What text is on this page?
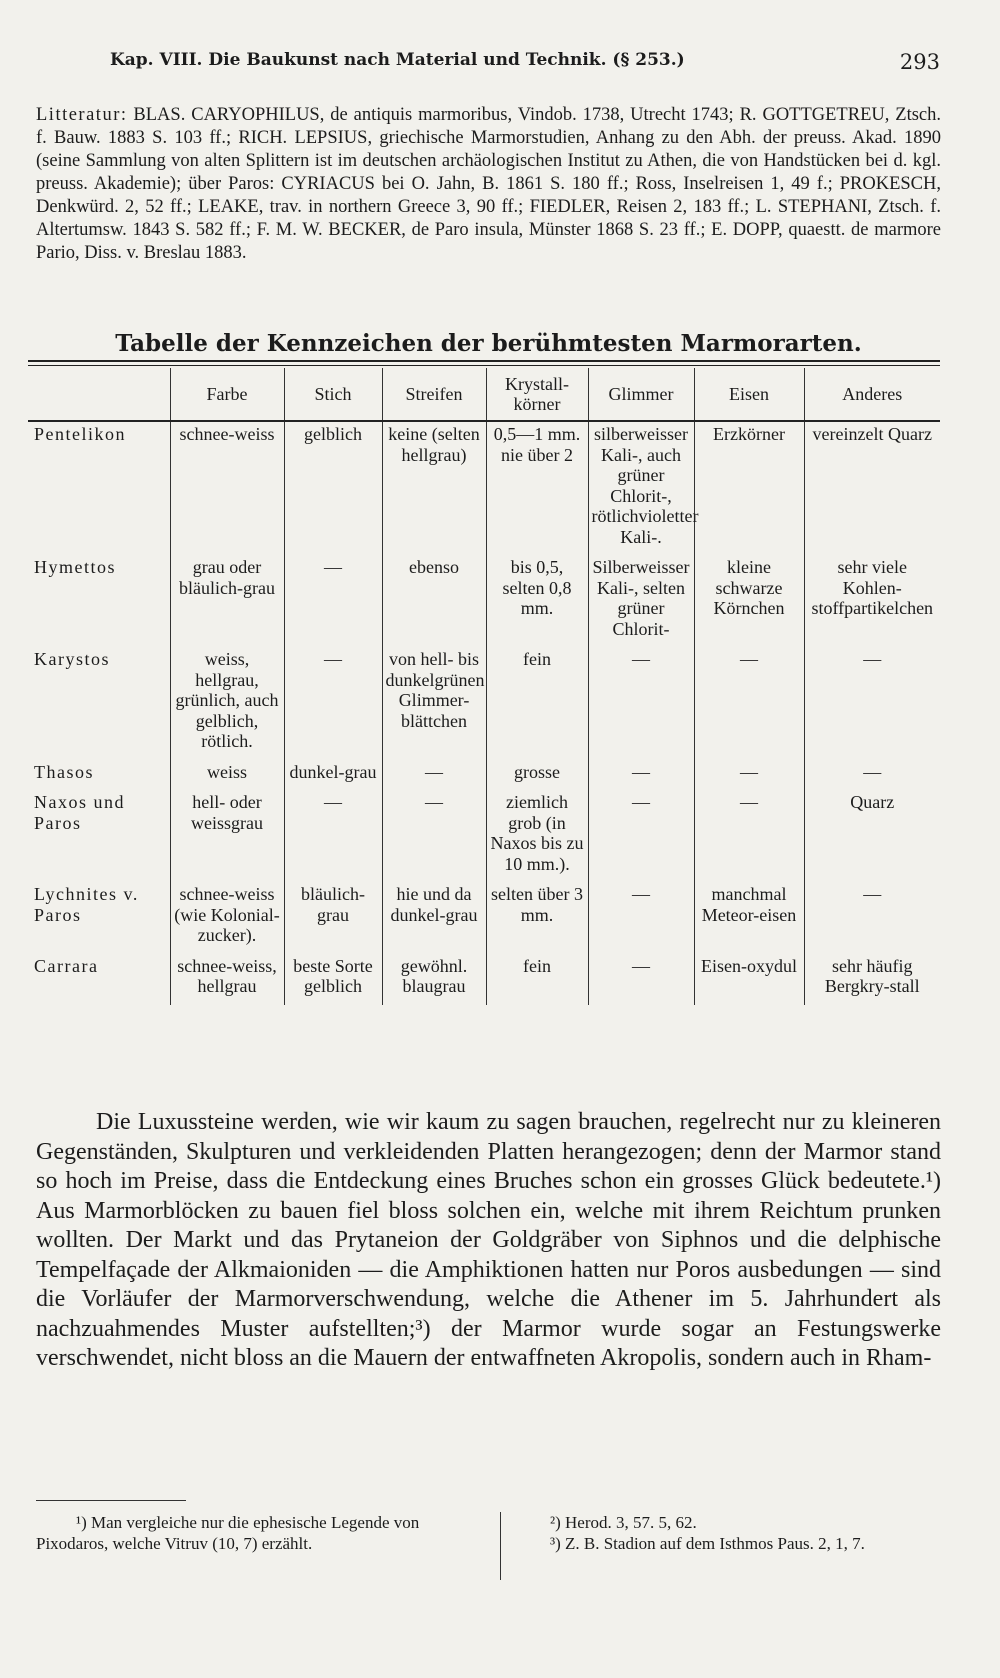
Kap. VIII. Die Baukunst nach Material und Technik. (§ 253.)	293
Litteratur: BLAS. CARYOPHILUS, de antiquis marmoribus, Vindob. 1738, Utrecht 1743; R. GOTTGETREU, Ztsch. f. Bauw. 1883 S. 103 ff.; RICH. LEPSIUS, griechische Marmorstudien, Anhang zu den Abh. der preuss. Akad. 1890 (seine Sammlung von alten Splittern ist im deutschen archäologischen Institut zu Athen, die von Handstücken bei d. kgl. preuss. Akademie); über Paros: CYRIACUS bei O. Jahn, B. 1861 S. 180 ff.; Ross, Inselreisen 1, 49 f.; PROKESCH, Denkwürd. 2, 52 ff.; LEAKE, trav. in northern Greece 3, 90 ff.; FIEDLER, Reisen 2, 183 ff.; L. STEPHANI, Ztsch. f. Altertumsw. 1843 S. 582 ff.; F. M. W. BECKER, de Paro insula, Münster 1868 S. 23 ff.; E. DOPP, quaestt. de marmore Pario, Diss. v. Breslau 1883.
Tabelle der Kennzeichen der berühmtesten Marmorarten.
	Farbe	Stich	Streifen	Krystall-körner	Glimmer	Eisen	Anderes
Pentelikon	schnee-weiss	gelblich	keine (selten hellgrau)	0,5—1 mm. nie über 2	silberweisser Kali-, auch grüner Chlorit-, rötlichvioletter Kali-.	Erzkörner	vereinzelt Quarz
Hymettos	grau oder bläulich-grau	—	ebenso	bis 0,5, selten 0,8 mm.	Silberweisser Kali-, selten grüner Chlorit-	kleine schwarze Körnchen	sehr viele Kohlen-stoffpartikelchen
Karystos	weiss, hellgrau, grünlich, auch gelblich, rötlich.	—	von hell- bis dunkelgrünen Glimmer-blättchen	fein	—	—	—
Thasos	weiss	dunkel-grau	—	grosse	—	—	—
Naxos und Paros	hell- oder weissgrau	—	—	ziemlich grob (in Naxos bis zu 10 mm.).	—	—	Quarz
Lychnites v. Paros	schnee-weiss (wie Kolonial-zucker).	bläulich-grau	hie und da dunkel-grau	selten über 3 mm.	—	manchmal Meteor-eisen	—
Carrara	schnee-weiss, hellgrau	beste Sorte gelblich	gewöhnl. blaugrau	fein	—	Eisen-oxydul	sehr häufig Bergkry-stall

Die Luxussteine werden, wie wir kaum zu sagen brauchen, regelrecht nur zu kleineren Gegenständen, Skulpturen und verkleidenden Platten herangezogen; denn der Marmor stand so hoch im Preise, dass die Entdeckung eines Bruches schon ein grosses Glück bedeutete.¹) Aus Marmorblöcken zu bauen fiel bloss solchen ein, welche mit ihrem Reichtum prunken wollten. Der Markt und das Prytaneion der Goldgräber von Siphnos und die delphische Tempelfaçade der Alkmaioniden — die Amphiktionen hatten nur Poros ausbedungen — sind die Vorläufer der Marmorverschwendung, welche die Athener im 5. Jahrhundert als nachzuahmendes Muster aufstellten;³) der Marmor wurde sogar an Festungswerke verschwendet, nicht bloss an die Mauern der entwaffneten Akropolis, sondern auch in Rham-

¹) Man vergleiche nur die ephesische Legende von Pixodaros, welche Vitruv (10, 7) erzählt.

²) Herod. 3, 57. 5, 62.

³) Z. B. Stadion auf dem Isthmos Paus. 2, 1, 7.
